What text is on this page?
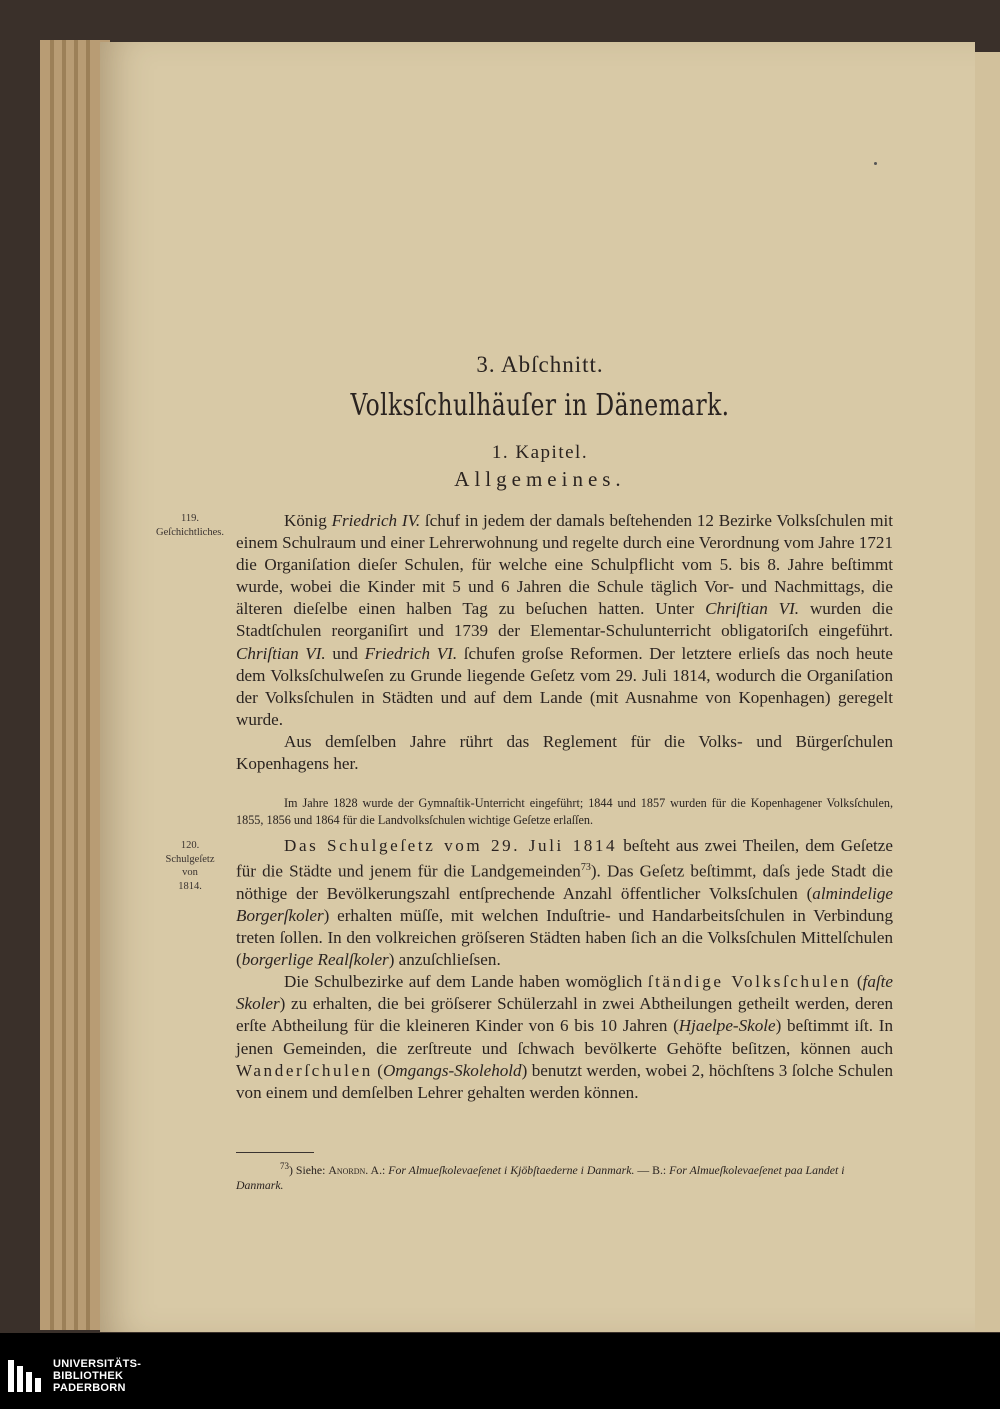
3. Abſchnitt.
Volksſchulhäuſer in Dänemark.
1. Kapitel.
Allgemeines.
119.
Geſchichtliches.

König Friedrich IV. ſchuf in jedem der damals beſtehenden 12 Bezirke Volksſchulen mit einem Schulraum und einer Lehrerwohnung und regelte durch eine Verordnung vom Jahre 1721 die Organiſation dieſer Schulen, für welche eine Schulpflicht vom 5. bis 8. Jahre beſtimmt wurde, wobei die Kinder mit 5 und 6 Jahren die Schule täglich Vor- und Nachmittags, die älteren dieſelbe einen halben Tag zu beſuchen hatten. Unter Chriſtian VI. wurden die Stadtſchulen reorganiſirt und 1739 der Elementar-Schulunterricht obligatoriſch eingeführt. Chriſtian VI. und Friedrich VI. ſchufen groſse Reformen. Der letztere erlieſs das noch heute dem Volksſchulweſen zu Grunde liegende Geſetz vom 29. Juli 1814, wodurch die Organiſation der Volksſchulen in Städten und auf dem Lande (mit Ausnahme von Kopenhagen) geregelt wurde.

Aus demſelben Jahre rührt das Reglement für die Volks- und Bürgerſchulen Kopenhagens her.

Im Jahre 1828 wurde der Gymnaſtik-Unterricht eingeführt; 1844 und 1857 wurden für die Kopenhagener Volksſchulen, 1855, 1856 und 1864 für die Landvolksſchulen wichtige Geſetze erlaſſen.

120.
Schulgeſetz
von
1814.

Das Schulgeſetz vom 29. Juli 1814 beſteht aus zwei Theilen, dem Geſetze für die Städte und jenem für die Landgemeinden$^{73}$). Das Geſetz beſtimmt, daſs jede Stadt die nöthige der Bevölkerungszahl entſprechende Anzahl öffentlicher Volksſchulen (almindelige Borgerſkoler) erhalten müſſe, mit welchen Induſtrie- und Handarbeitsſchulen in Verbindung treten ſollen. In den volkreichen gröſseren Städten haben ſich an die Volksſchulen Mittelſchulen (borgerlige Realſkoler) anzuſchlieſsen.

Die Schulbezirke auf dem Lande haben womöglich ſtändige Volksſchulen (faſte Skoler) zu erhalten, die bei gröſserer Schülerzahl in zwei Abtheilungen getheilt werden, deren erſte Abtheilung für die kleineren Kinder von 6 bis 10 Jahren (Hjaelpe-Skole) beſtimmt iſt. In jenen Gemeinden, die zerſtreute und ſchwach bevölkerte Gehöfte beſitzen, können auch Wanderſchulen (Omgangs-Skolehold) benutzt werden, wobei 2, höchſtens 3 ſolche Schulen von einem und demſelben Lehrer gehalten werden können.

$^{73}$) Siehe: Anordn. A.: For Almueſkolevaeſenet i Kjöbſtaederne i Danmark. — B.: For Almueſkolevaeſenet paa Landet i Danmark.

UNIVERSITÄTS-
BIBLIOTHEK
PADERBORN
